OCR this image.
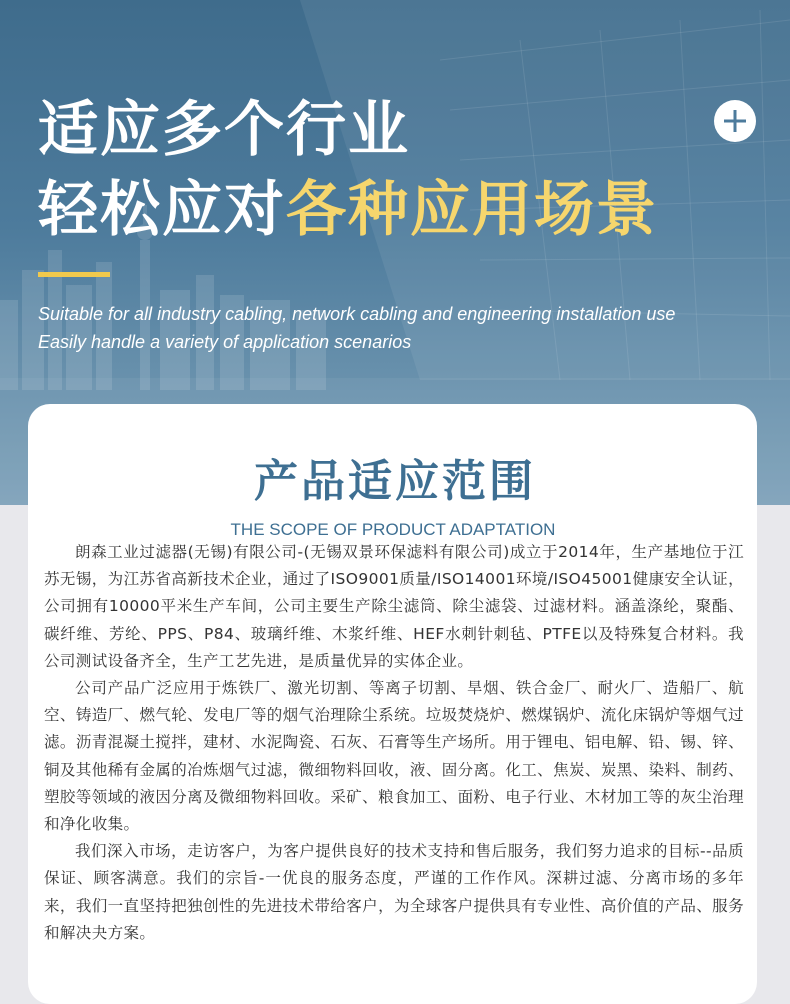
适应多个行业
轻松应对各种应用场景

Suitable for all industry cabling, network cabling and engineering installation use

Easily handle a variety of application scenarios

产品适应范围

THE SCOPE OF PRODUCT ADAPTATION

朗森工业过滤器(无锡)有限公司-(无锡双景环保滤料有限公司)成立于2014年，生产基地位于江苏无锡，为江苏省高新技术企业，通过了ISO9001质量/ISO14001环境/ISO45001健康安全认证，公司拥有10000平米生产车间，公司主要生产除尘滤筒、除尘滤袋、过滤材料。涵盖涤纶，聚酯、碳纤维、芳纶、PPS、P84、玻璃纤维、木浆纤维、HEF水刺针刺毡、PTFE以及特殊复合材料。我公司测试设备齐全，生产工艺先进，是质量优异的实体企业。

公司产品广泛应用于炼铁厂、激光切割、等离子切割、旱烟、铁合金厂、耐火厂、造船厂、航空、铸造厂、燃气轮、发电厂等的烟气治理除尘系统。垃圾焚烧炉、燃煤锅炉、流化床锅炉等烟气过滤。沥青混凝土搅拌，建材、水泥陶瓷、石灰、石膏等生产场所。用于锂电、铝电解、铅、锡、锌、铜及其他稀有金属的冶炼烟气过滤，微细物料回收，液、固分离。化工、焦炭、炭黑、染料、制药、塑胶等领域的液因分离及微细物料回收。采矿、粮食加工、面粉、电子行业、木材加工等的灰尘治理和净化收集。

我们深入市场，走访客户，为客户提供良好的技术支持和售后服务，我们努力追求的目标--品质保证、顾客满意。我们的宗旨-一优良的服务态度，严谨的工作作风。深耕过滤、分离市场的多年来，我们一直坚持把独创性的先进技术带给客户，为全球客户提供具有专业性、高价值的产品、服务和解决夬方案。
